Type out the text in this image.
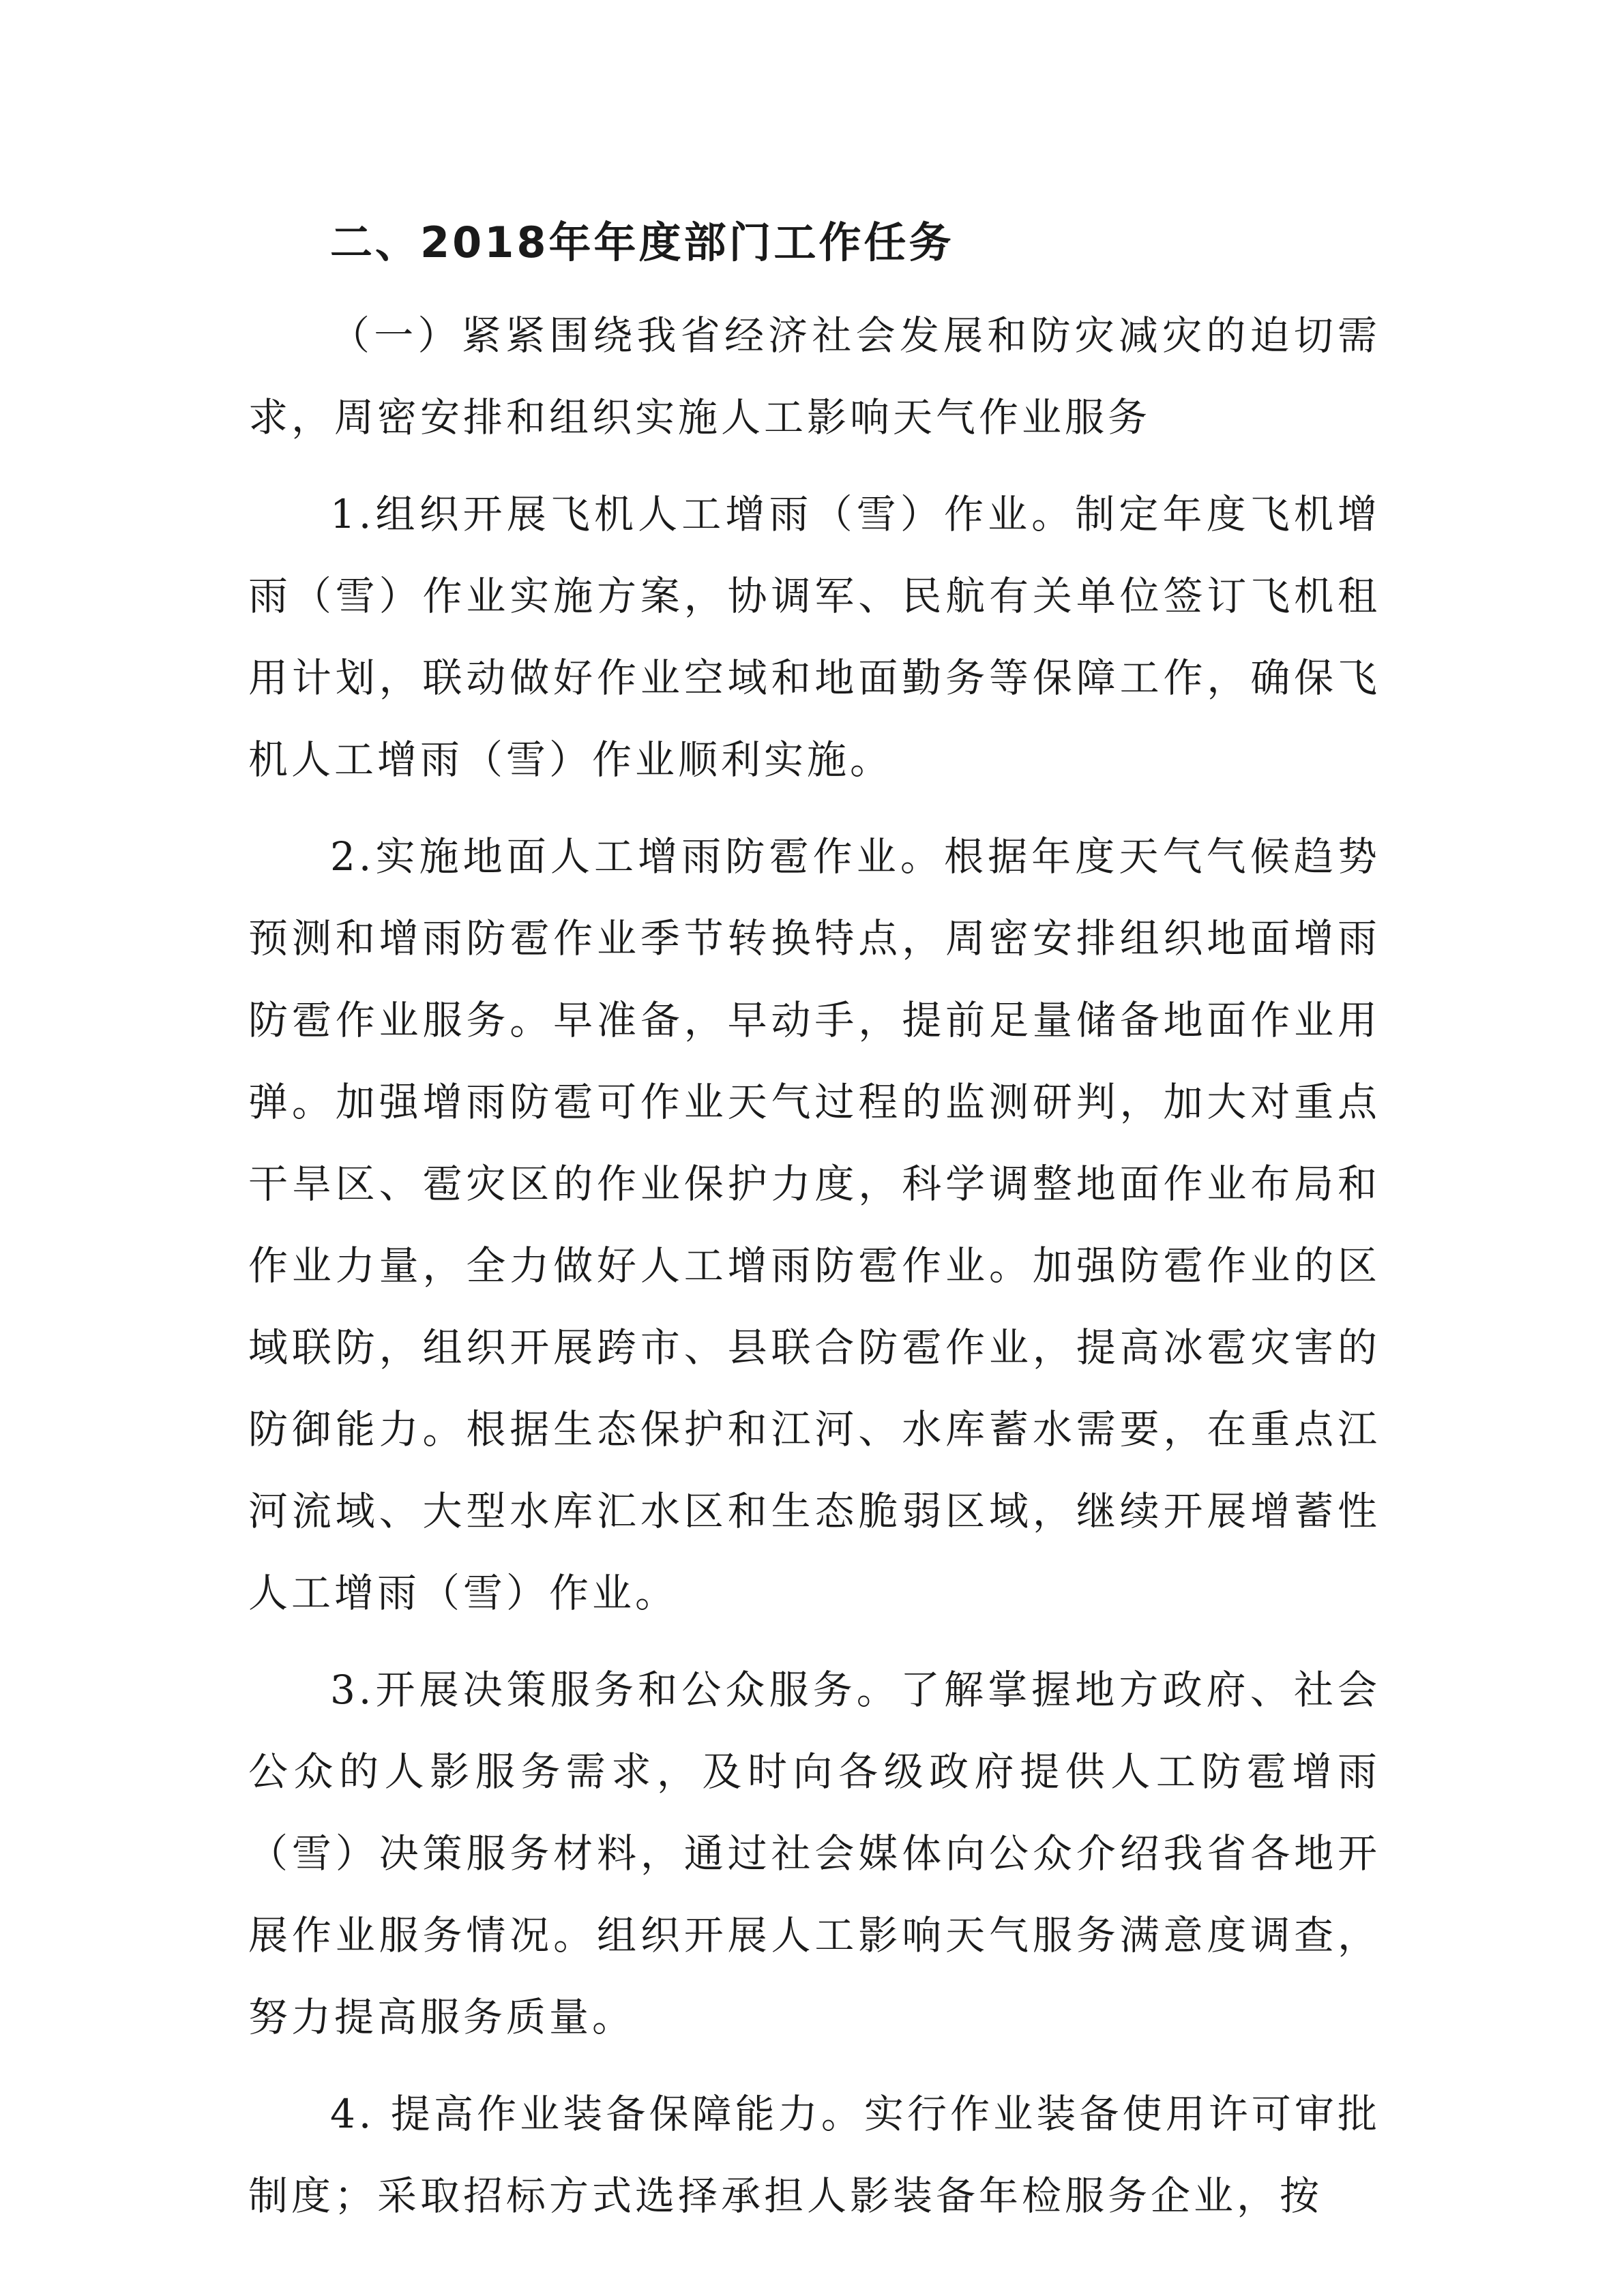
二、2018年年度部门工作任务

（一）紧紧围绕我省经济社会发展和防灾减灾的迫切需求，周密安排和组织实施人工影响天气作业服务

1.组织开展飞机人工增雨（雪）作业。制定年度飞机增雨（雪）作业实施方案，协调军、民航有关单位签订飞机租用计划，联动做好作业空域和地面勤务等保障工作，确保飞机人工增雨（雪）作业顺利实施。

2.实施地面人工增雨防雹作业。根据年度天气气候趋势预测和增雨防雹作业季节转换特点，周密安排组织地面增雨防雹作业服务。早准备，早动手，提前足量储备地面作业用弹。加强增雨防雹可作业天气过程的监测研判，加大对重点干旱区、雹灾区的作业保护力度，科学调整地面作业布局和作业力量，全力做好人工增雨防雹作业。加强防雹作业的区域联防，组织开展跨市、县联合防雹作业，提高冰雹灾害的防御能力。根据生态保护和江河、水库蓄水需要，在重点江河流域、大型水库汇水区和生态脆弱区域，继续开展增蓄性人工增雨（雪）作业。

3.开展决策服务和公众服务。了解掌握地方政府、社会公众的人影服务需求，及时向各级政府提供人工防雹增雨（雪）决策服务材料，通过社会媒体向公众介绍我省各地开展作业服务情况。组织开展人工影响天气服务满意度调查，努力提高服务质量。

4. 提高作业装备保障能力。实行作业装备使用许可审批制度；采取招标方式选择承担人影装备年检服务企业，按
